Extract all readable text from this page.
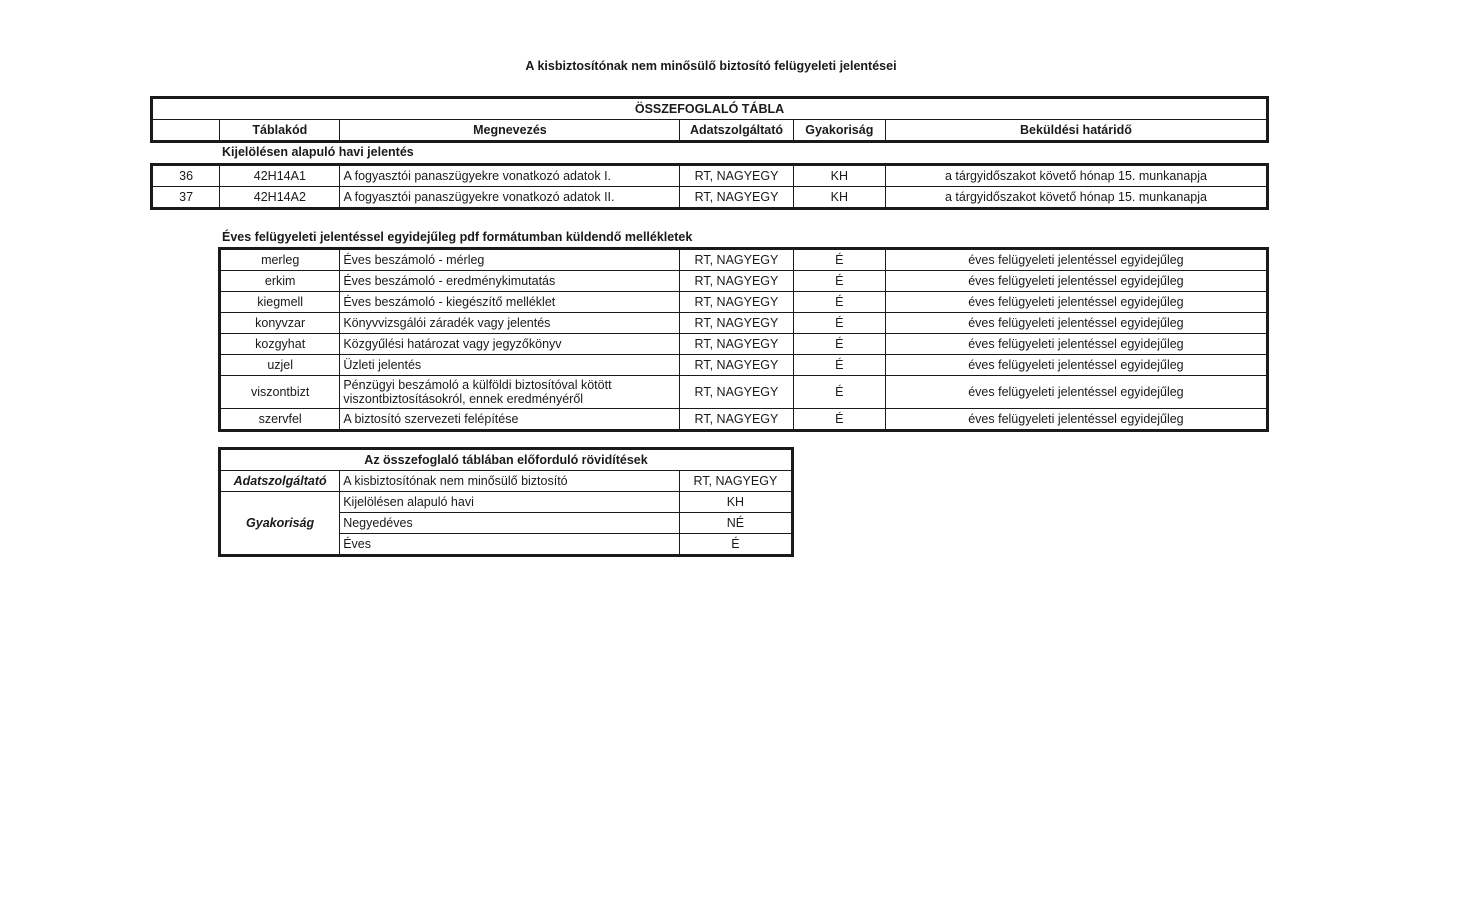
A kisbiztosítónak nem minősülő biztosító felügyeleti jelentései
ÖSSZEFOGLALÓ TÁBLA
	Táblakód	Megnevezés	Adatszolgáltató	Gyakoriság	Beküldési határidő
Kijelölésen alapuló havi jelentés
36	42H14A1	A fogyasztói panaszügyekre vonatkozó adatok I.	RT, NAGYEGY	KH	a tárgyidőszakot követő hónap 15. munkanapja
37	42H14A2	A fogyasztói panaszügyekre vonatkozó adatok II.	RT, NAGYEGY	KH	a tárgyidőszakot követő hónap 15. munkanapja
Éves felügyeleti jelentéssel egyidejűleg pdf formátumban küldendő mellékletek
merleg	Éves beszámoló - mérleg	RT, NAGYEGY	É	éves felügyeleti jelentéssel egyidejűleg
erkim	Éves beszámoló - eredménykimutatás	RT, NAGYEGY	É	éves felügyeleti jelentéssel egyidejűleg
kiegmell	Éves beszámoló - kiegészítő melléklet	RT, NAGYEGY	É	éves felügyeleti jelentéssel egyidejűleg
konyvzar	Könyvvizsgálói záradék vagy jelentés	RT, NAGYEGY	É	éves felügyeleti jelentéssel egyidejűleg
kozgyhat	Közgyűlési határozat vagy jegyzőkönyv	RT, NAGYEGY	É	éves felügyeleti jelentéssel egyidejűleg
uzjel	Üzleti jelentés	RT, NAGYEGY	É	éves felügyeleti jelentéssel egyidejűleg
viszontbizt	Pénzügyi beszámoló a külföldi biztosítóval kötött viszontbiztosításokról, ennek eredményéről	RT, NAGYEGY	É	éves felügyeleti jelentéssel egyidejűleg
szervfel	A biztosító szervezeti felépítése	RT, NAGYEGY	É	éves felügyeleti jelentéssel egyidejűleg
Az összefoglaló táblában előforduló rövidítések		
Adatszolgáltató	A kisbiztosítónak nem minősülő biztosító	RT, NAGYEGY
Gyakoriság	Kijelölésen alapuló havi	KH
	Negyedéves	NÉ
	Éves	É
